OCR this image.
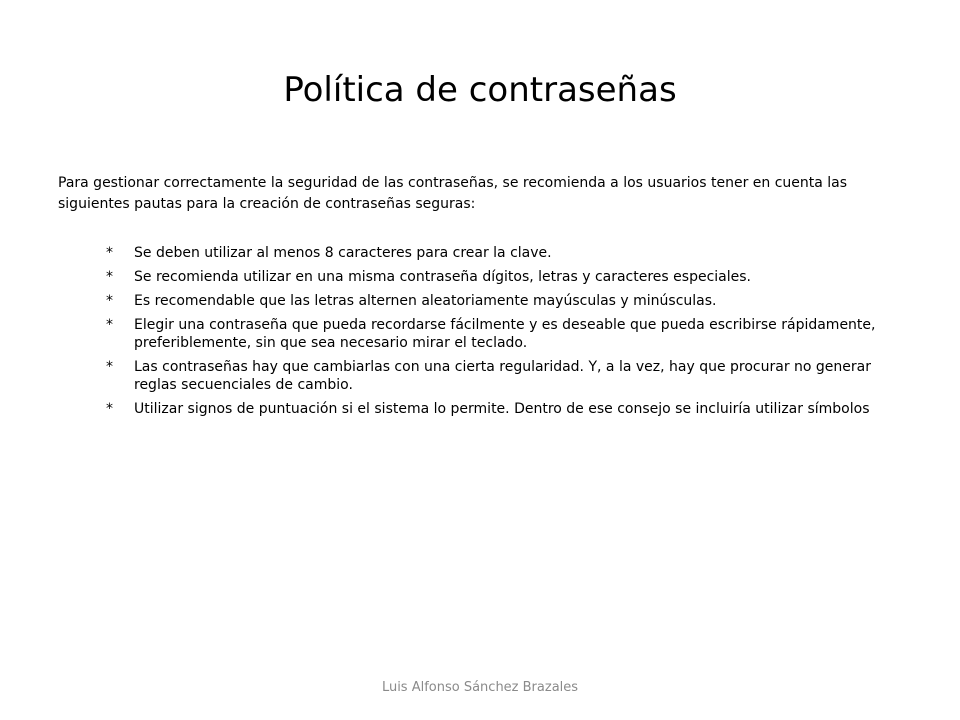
Política de contraseñas

Para gestionar correctamente la seguridad de las contraseñas, se recomienda a los usuarios tener en cuenta las siguientes pautas para la creación de contraseñas seguras:

*	Se deben utilizar al menos 8 caracteres para crear la clave.
*	Se recomienda utilizar en una misma contraseña dígitos, letras y caracteres especiales.
*	Es recomendable que las letras alternen aleatoriamente mayúsculas y minúsculas.
*	Elegir una contraseña que pueda recordarse fácilmente y es deseable que pueda escribirse rápidamente, preferiblemente, sin que sea necesario mirar el teclado.
*	Las contraseñas hay que cambiarlas con una cierta regularidad. Y, a la vez, hay que procurar no generar reglas secuenciales de cambio.
*	Utilizar signos de puntuación si el sistema lo permite. Dentro de ese consejo se incluiría utilizar símbolos

Luis Alfonso Sánchez Brazales
